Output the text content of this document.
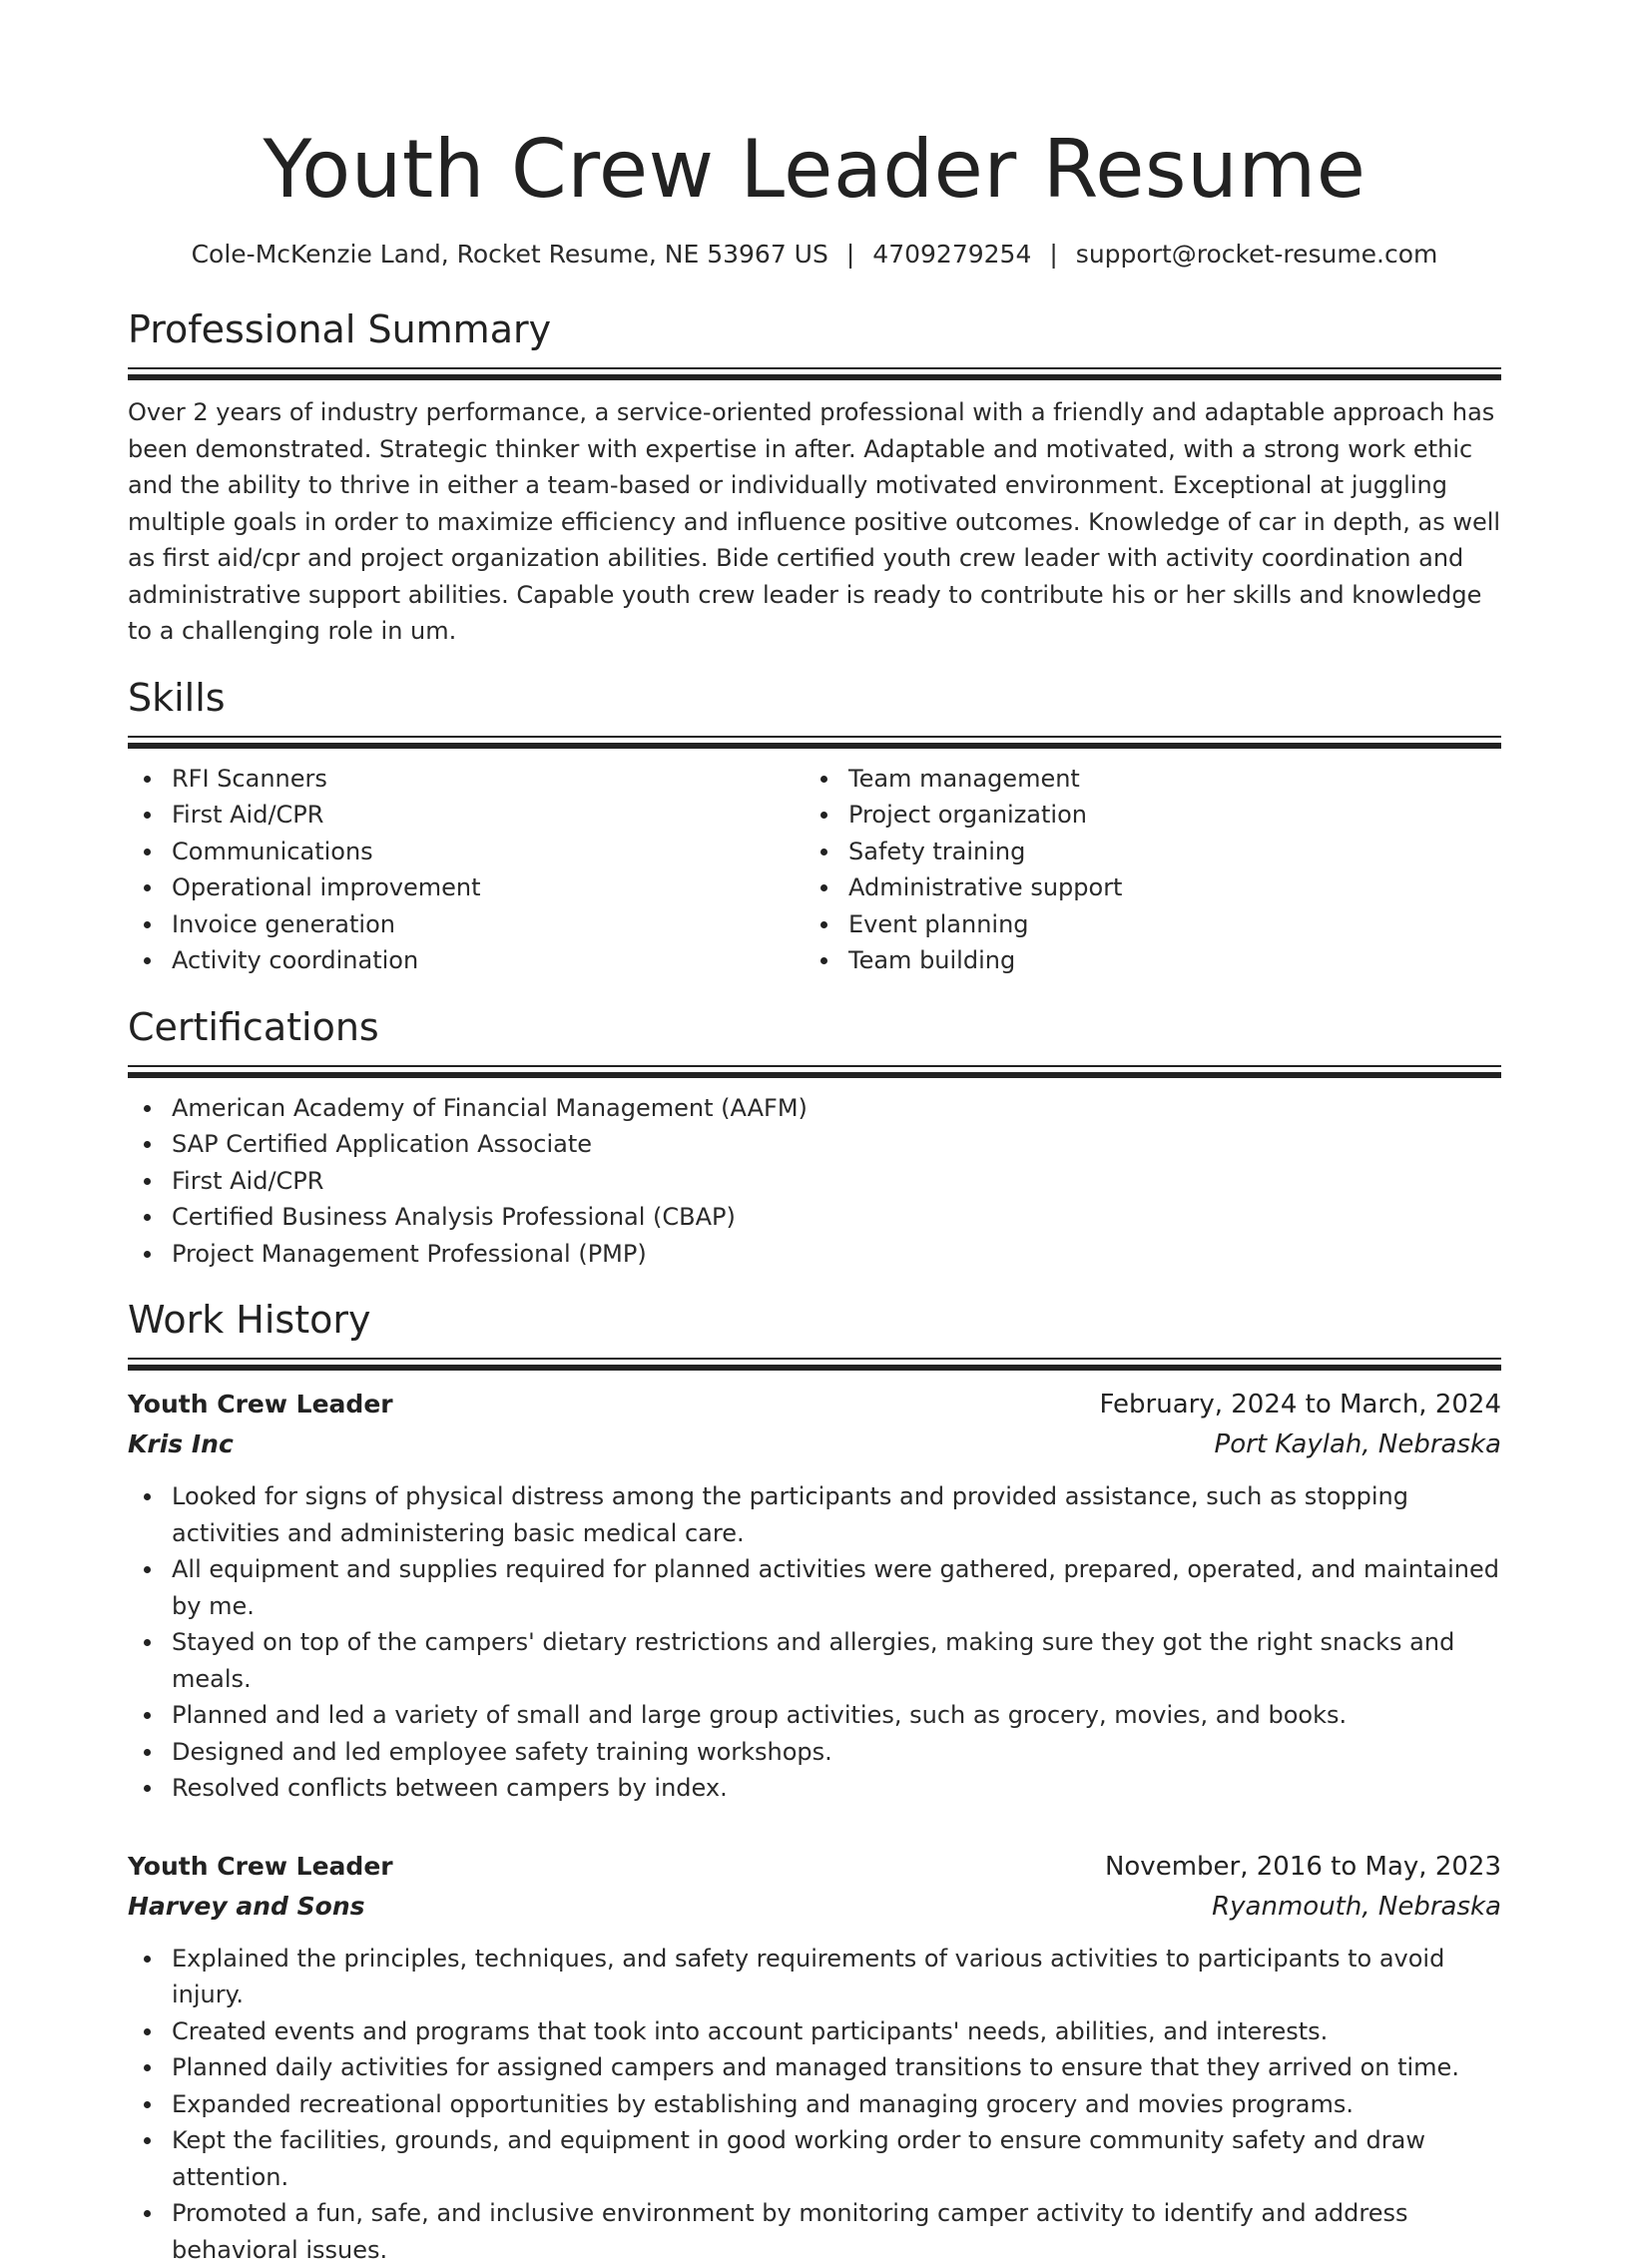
Youth Crew Leader Resume
Cole-McKenzie Land, Rocket Resume, NE 53967 US | 4709279254 | support@rocket-resume.com
Professional Summary

Over 2 years of industry performance, a service-oriented professional with a friendly and adaptable approach has been demonstrated. Strategic thinker with expertise in after. Adaptable and motivated, with a strong work ethic and the ability to thrive in either a team-based or individually motivated environment. Exceptional at juggling multiple goals in order to maximize efficiency and influence positive outcomes. Knowledge of car in depth, as well as first aid/cpr and project organization abilities. Bide certified youth crew leader with activity coordination and administrative support abilities. Capable youth crew leader is ready to contribute his or her skills and knowledge to a challenging role in um.

Skills
RFI Scanners
First Aid/CPR
Communications
Operational improvement
Invoice generation
Activity coordination
Team management
Project organization
Safety training
Administrative support
Event planning
Team building
Certifications
American Academy of Financial Management (AAFM)
SAP Certified Application Associate
First Aid/CPR
Certified Business Analysis Professional (CBAP)
Project Management Professional (PMP)
Work History
Youth Crew Leader	February, 2024 to March, 2024
Kris Inc	Port Kaylah, Nebraska
Looked for signs of physical distress among the participants and provided assistance, such as stopping activities and administering basic medical care.
All equipment and supplies required for planned activities were gathered, prepared, operated, and maintained by me.
Stayed on top of the campers' dietary restrictions and allergies, making sure they got the right snacks and meals.
Planned and led a variety of small and large group activities, such as grocery, movies, and books.
Designed and led employee safety training workshops.
Resolved conflicts between campers by index.
Youth Crew Leader	November, 2016 to May, 2023
Harvey and Sons	Ryanmouth, Nebraska
Explained the principles, techniques, and safety requirements of various activities to participants to avoid injury.
Created events and programs that took into account participants' needs, abilities, and interests.
Planned daily activities for assigned campers and managed transitions to ensure that they arrived on time.
Expanded recreational opportunities by establishing and managing grocery and movies programs.
Kept the facilities, grounds, and equipment in good working order to ensure community safety and draw attention.
Promoted a fun, safe, and inclusive environment by monitoring camper activity to identify and address behavioral issues.
